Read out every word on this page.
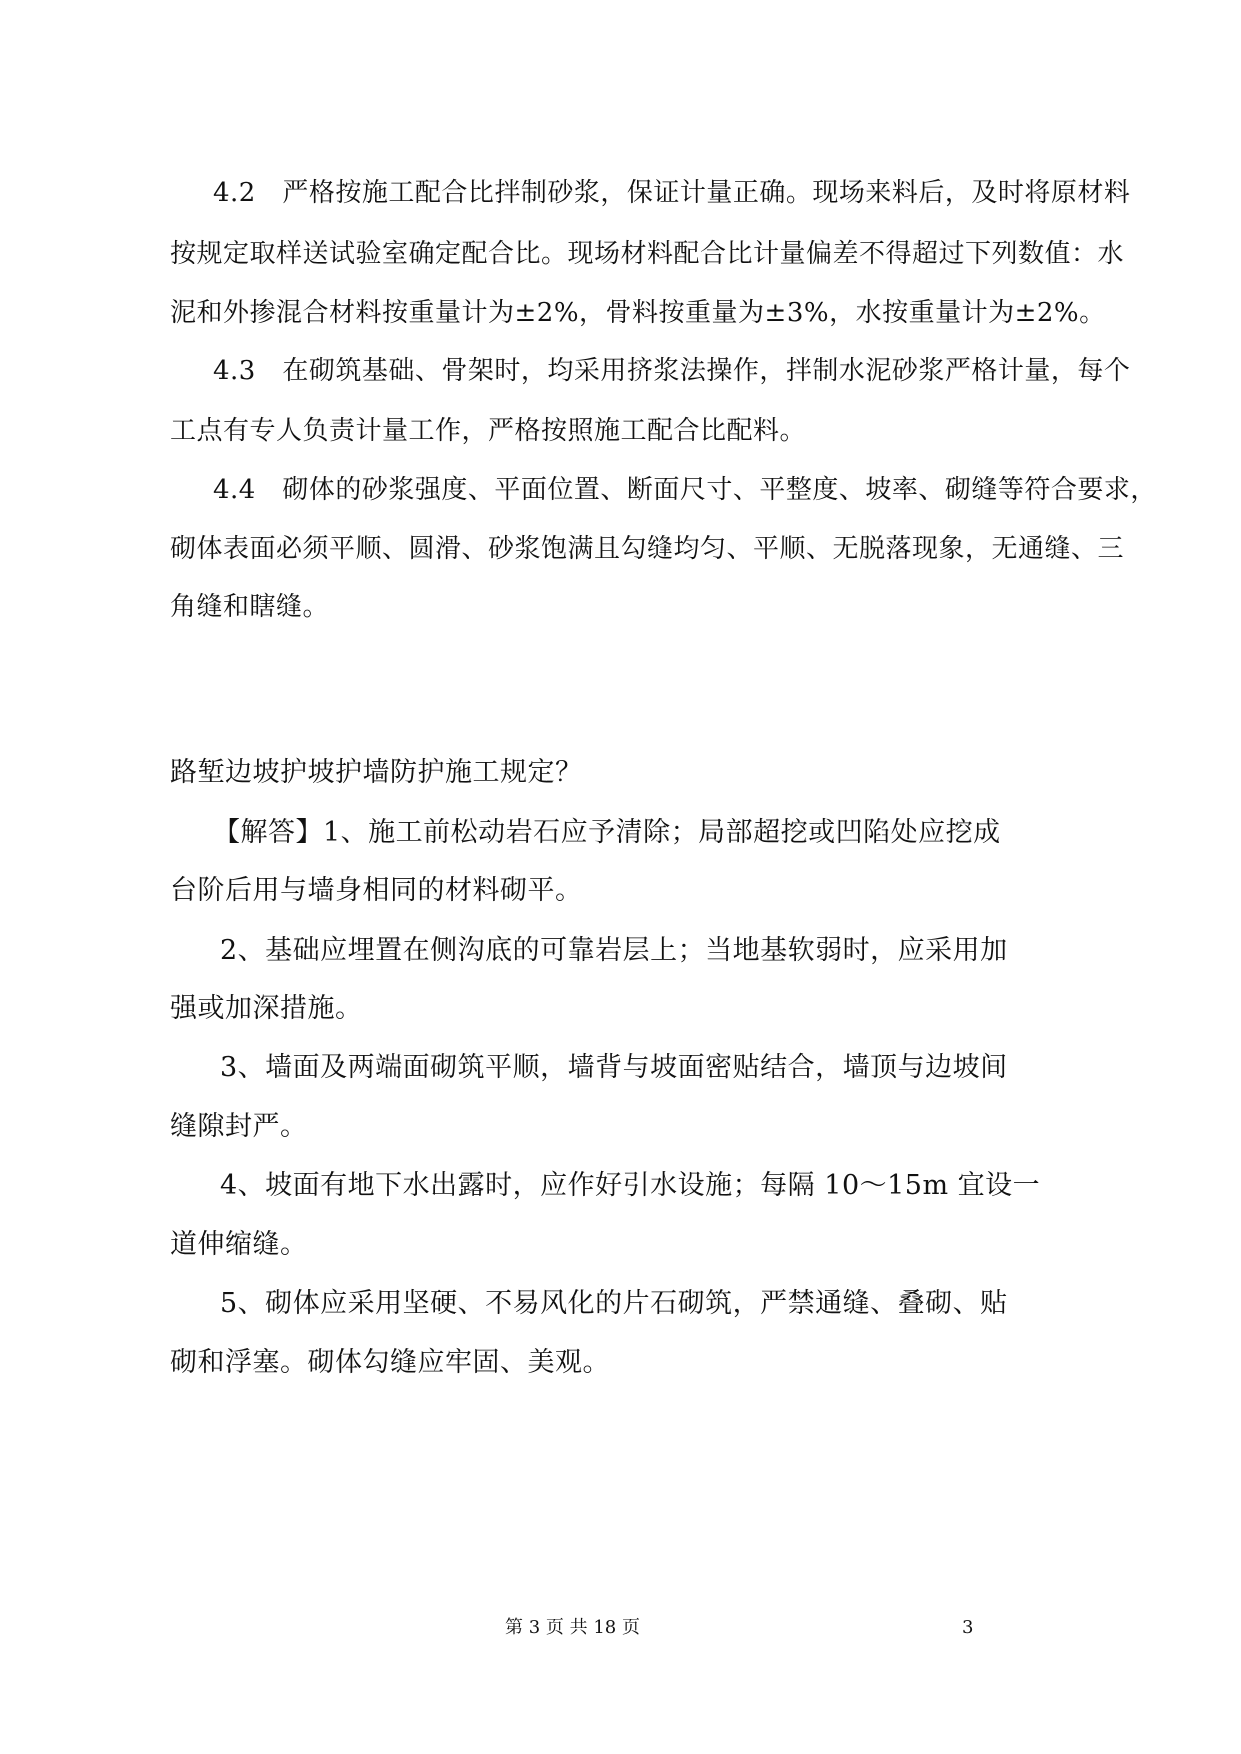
4.2　严格按施工配合比拌制砂浆，保证计量正确。现场来料后，及时将原材料
按规定取样送试验室确定配合比。现场材料配合比计量偏差不得超过下列数值：水
泥和外掺混合材料按重量计为±2%，骨料按重量为±3%，水按重量计为±2%。
4.3　在砌筑基础、骨架时，均采用挤浆法操作，拌制水泥砂浆严格计量，每个
工点有专人负责计量工作，严格按照施工配合比配料。
4.4　砌体的砂浆强度、平面位置、断面尺寸、平整度、坡率、砌缝等符合要求，
砌体表面必须平顺、圆滑、砂浆饱满且勾缝均匀、平顺、无脱落现象，无通缝、三
角缝和瞎缝。
路堑边坡护坡护墙防护施工规定？
【解答】1、施工前松动岩石应予清除；局部超挖或凹陷处应挖成
台阶后用与墙身相同的材料砌平。
2、基础应埋置在侧沟底的可靠岩层上；当地基软弱时，应采用加
强或加深措施。
3、墙面及两端面砌筑平顺，墙背与坡面密贴结合，墙顶与边坡间
缝隙封严。
4、坡面有地下水出露时，应作好引水设施；每隔 10～15m 宜设一
道伸缩缝。
5、砌体应采用坚硬、不易风化的片石砌筑，严禁通缝、叠砌、贴
砌和浮塞。砌体勾缝应牢固、美观。
第 3 页 共 18 页	3
